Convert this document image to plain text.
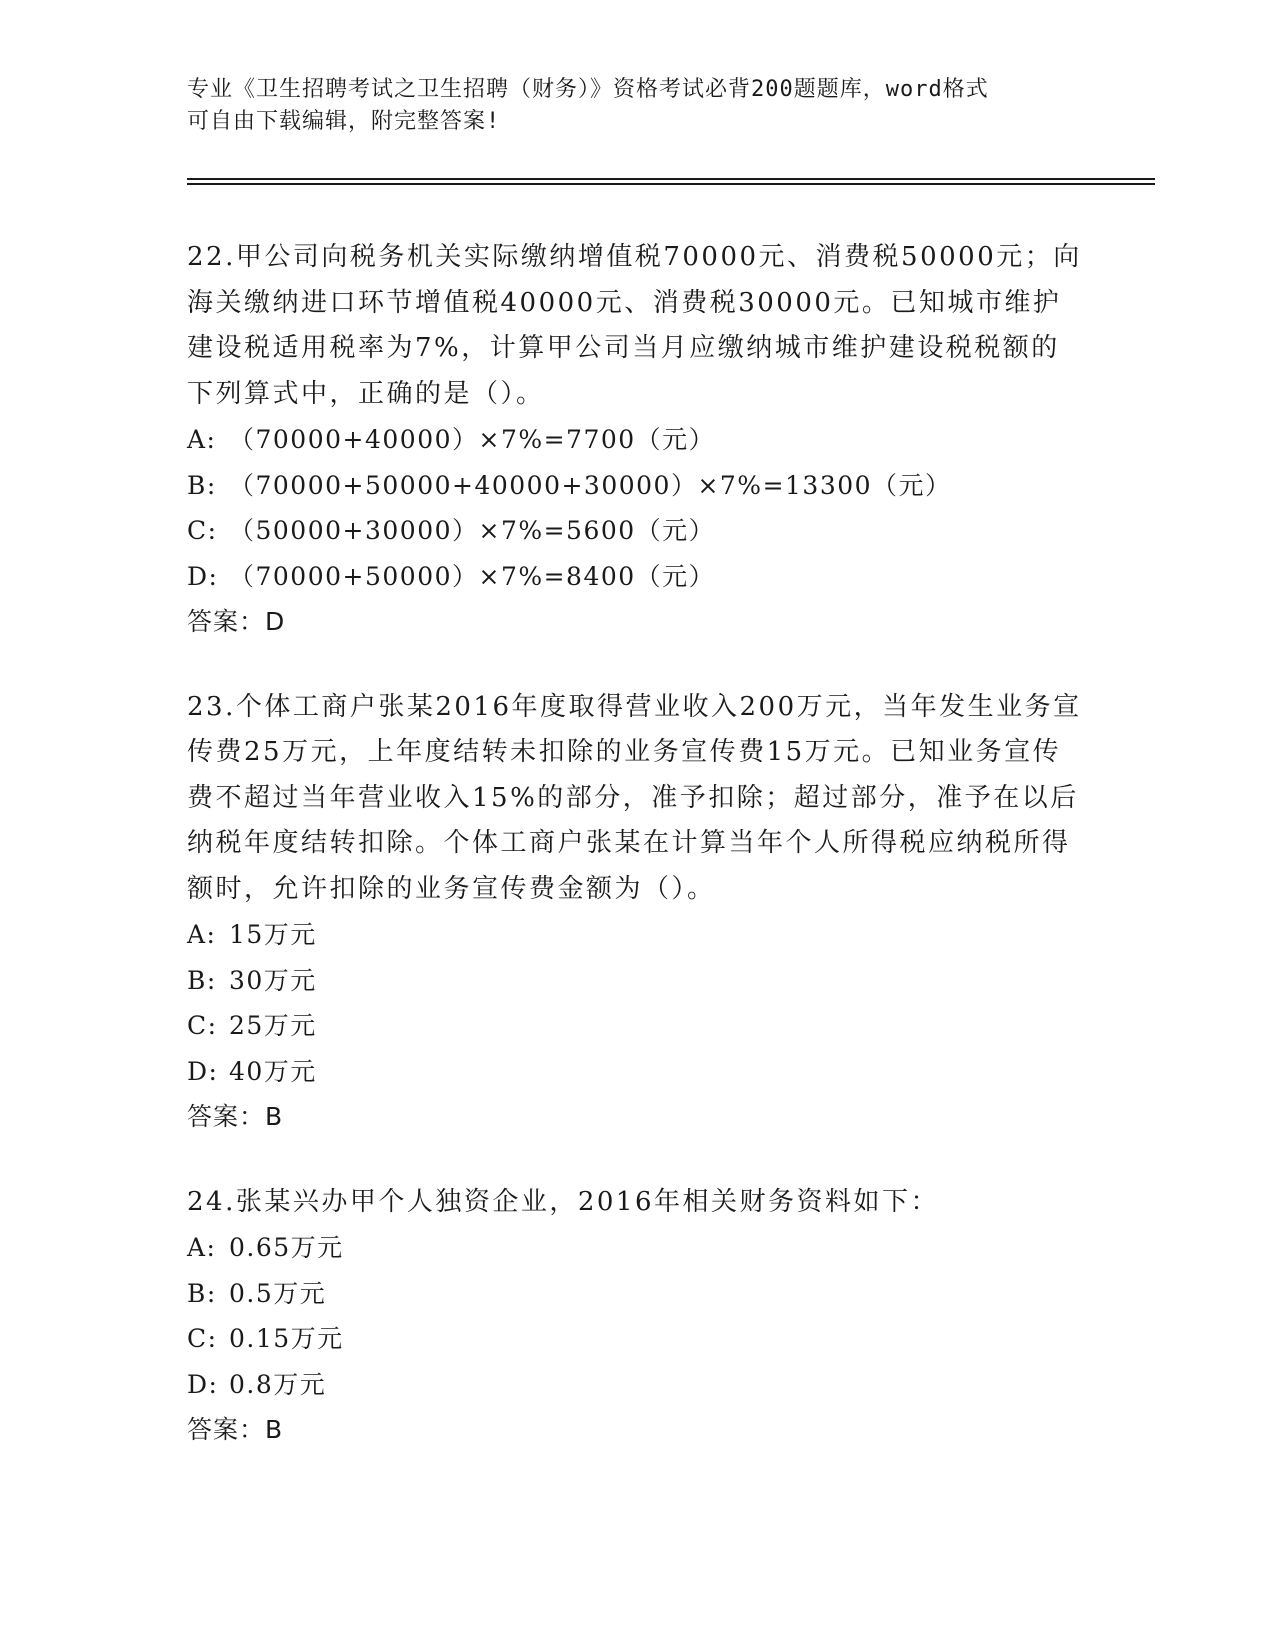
专业《卫生招聘考试之卫生招聘（财务）》资格考试必背200题题库，word格式
可自由下载编辑，附完整答案!

22.甲公司向税务机关实际缴纳增值税70000元、消费税50000元；向海关缴纳进口环节增值税40000元、消费税30000元。已知城市维护建设税适用税率为7%，计算甲公司当月应缴纳城市维护建设税税额的下列算式中，正确的是（）。

A: （70000+40000）×7%=7700（元）

B: （70000+50000+40000+30000）×7%=13300（元）

C: （50000+30000）×7%=5600（元）

D: （70000+50000）×7%=8400（元）

答案：D

23.个体工商户张某2016年度取得营业收入200万元，当年发生业务宣传费25万元，上年度结转未扣除的业务宣传费15万元。已知业务宣传费不超过当年营业收入15%的部分，准予扣除；超过部分，准予在以后纳税年度结转扣除。个体工商户张某在计算当年个人所得税应纳税所得额时，允许扣除的业务宣传费金额为（）。

A: 15万元

B: 30万元

C: 25万元

D: 40万元

答案：B

24.张某兴办甲个人独资企业，2016年相关财务资料如下：

A: 0.65万元

B: 0.5万元

C: 0.15万元

D: 0.8万元

答案：B
